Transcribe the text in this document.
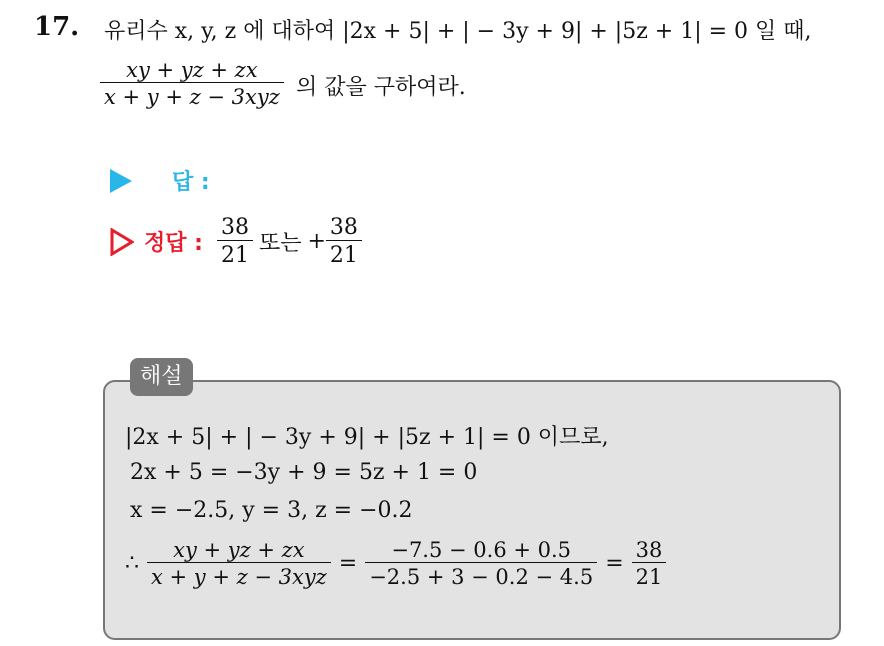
17. 유리수 x, y, z 에 대하여 |2x + 5| + | − 3y + 9| + |5z + 1| = 0 일 때,
xy + yz + zx
x + y + z − 3xyz 의 값을 구하여라.
답 :
정답 : $\frac{38}{21}$ 또는 + $\frac{38}{21}$
해설
|2x + 5| + | − 3y + 9| + |5z + 1| = 0 이므로,
2x + 5 = −3y + 9 = 5z + 1 = 0
x = −2.5, y = 3, z = −0.2
∴ $\frac{xy + yz + zx}{\text{x + y + z − 3xyz}} = \frac{-7.5 - 0.6 + 0.5}{-2.5 + 3 - 0.2 - 4.5} = \frac{38}{21}$
